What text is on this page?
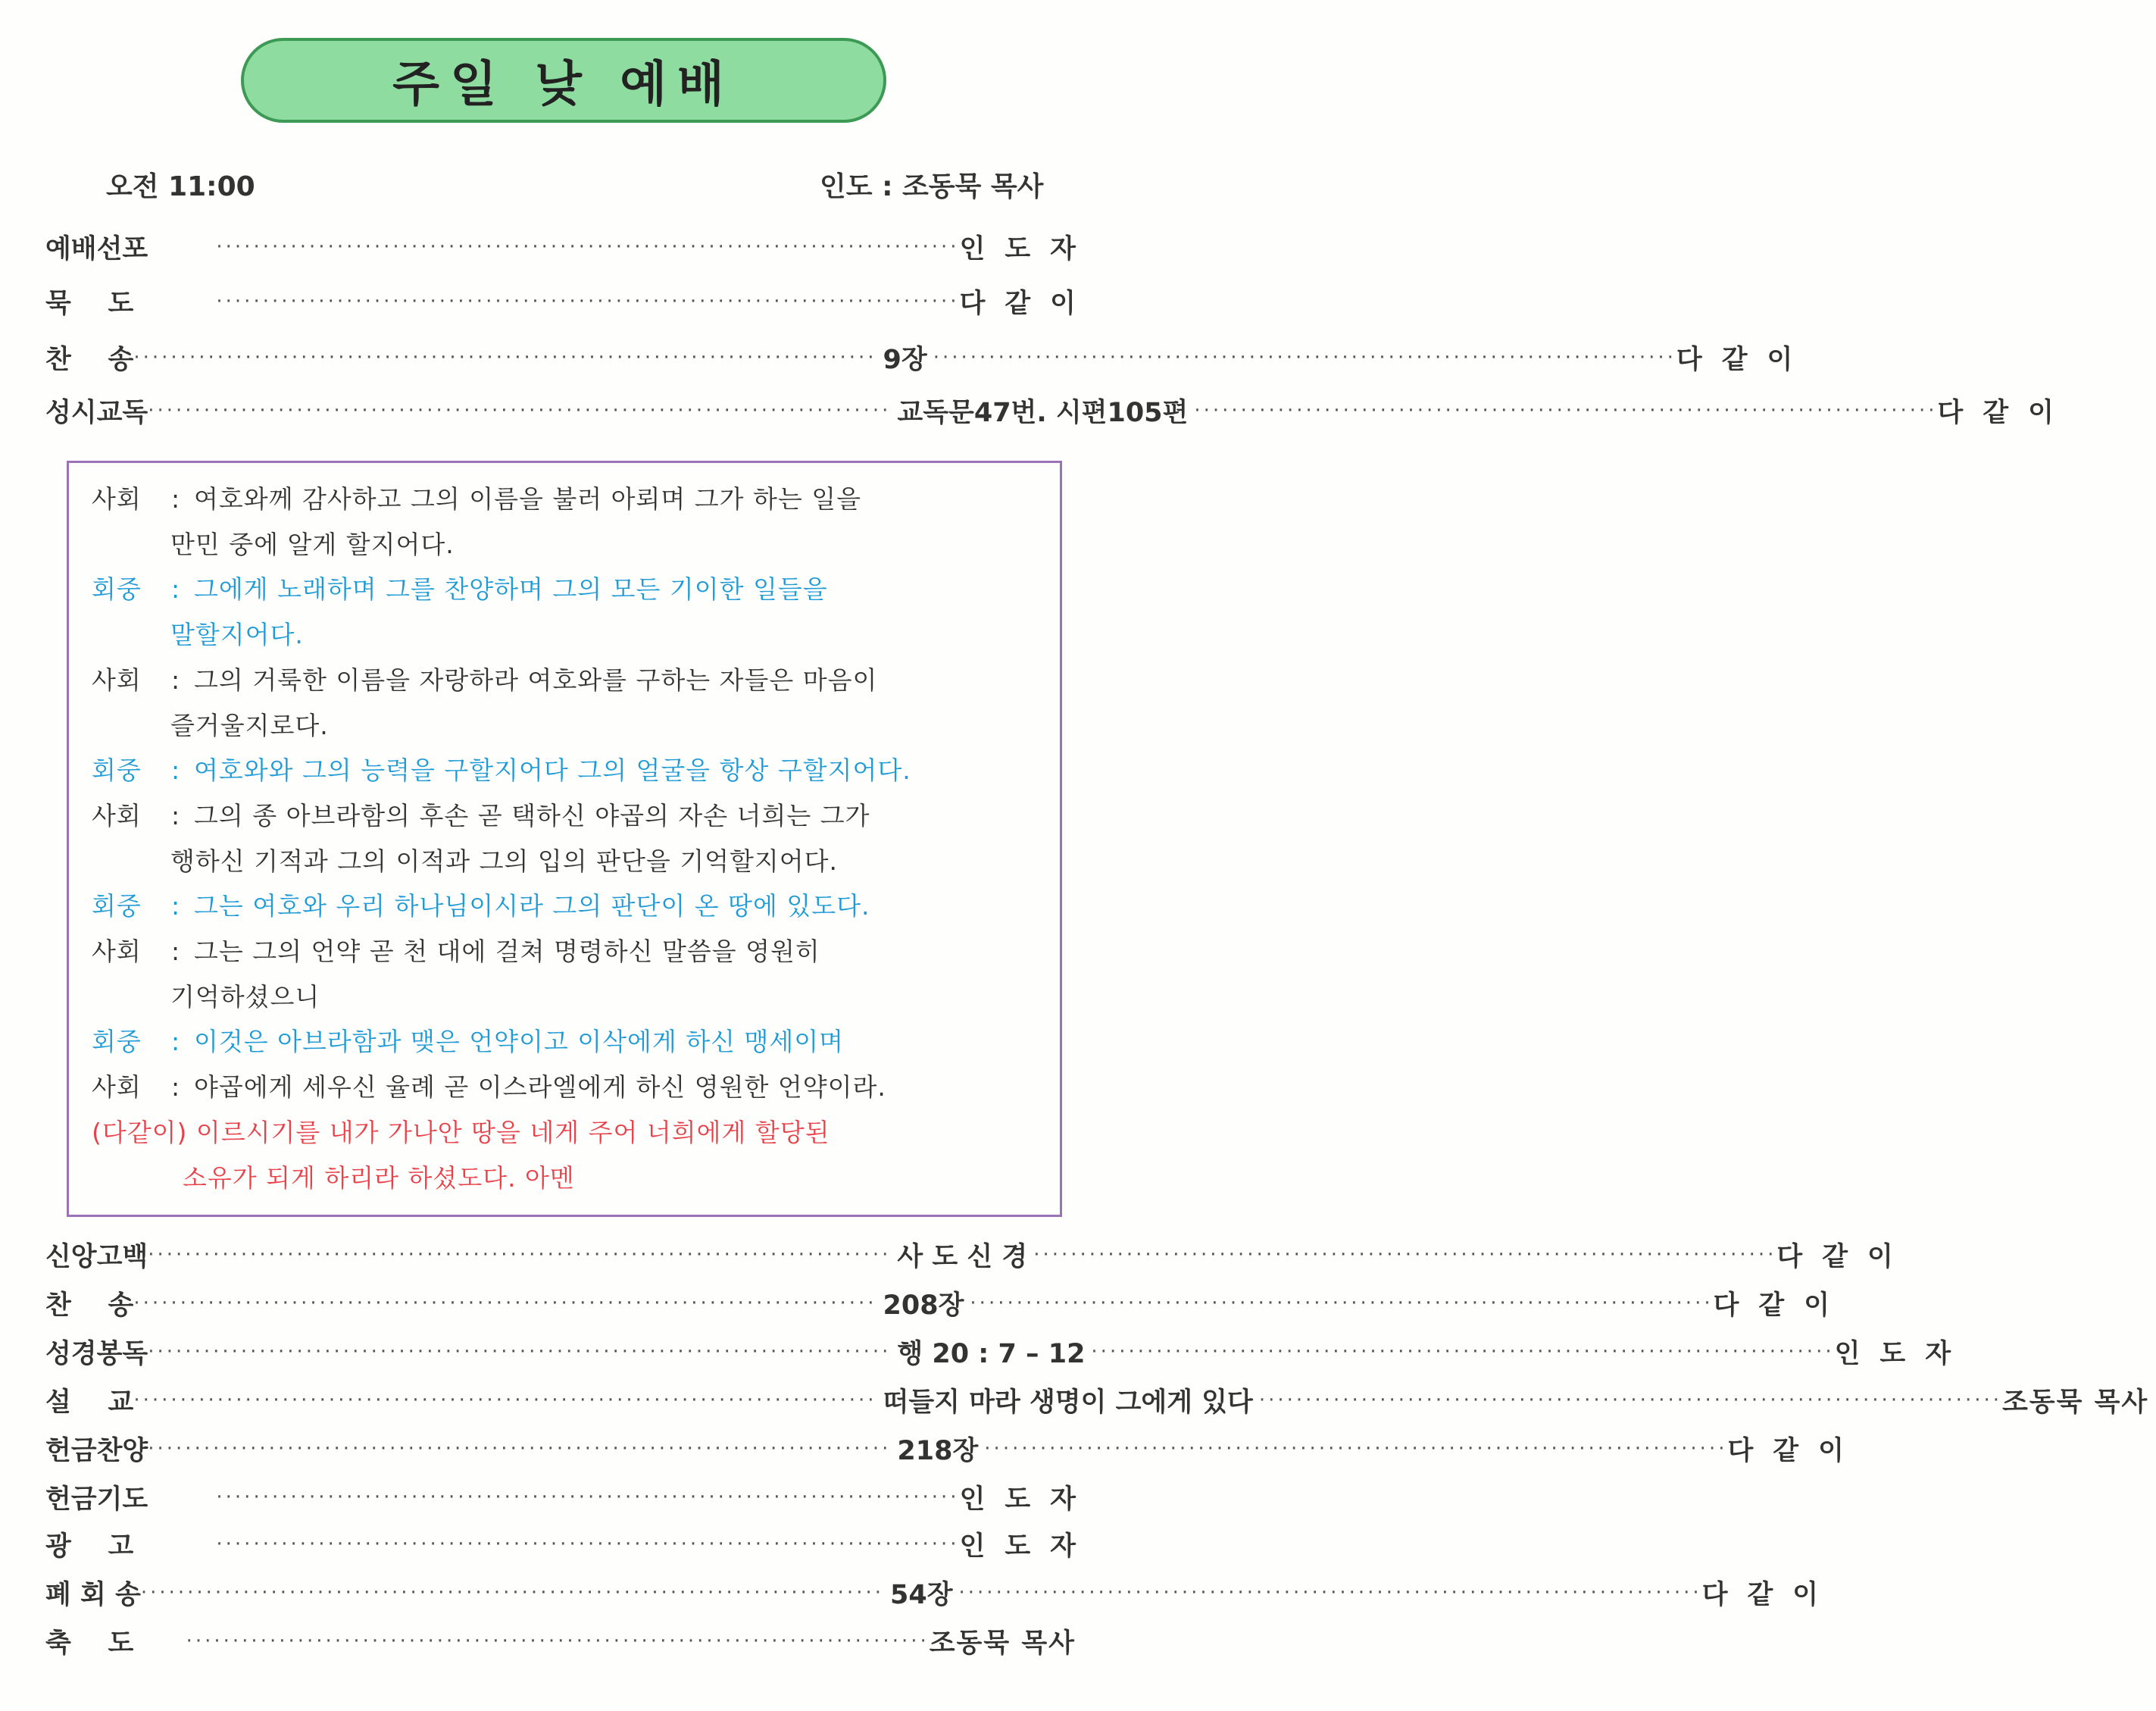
주일 낮 예배
오전 11:00	인도 : 조동묵 목사
예배선포	················································································ 인도자
묵    도	················································································ 다같이
찬    송 ················································································ 9장 ················································································ 다같이
성시교독 ················································································ 교독문47번. 시편105편 ················································································ 다같이
사회 : 여호와께 감사하고 그의 이름을 불러 아뢰며 그가 하는 일을
만민 중에 알게 할지어다.
회중 : 그에게 노래하며 그를 찬양하며 그의 모든 기이한 일들을
말할지어다.
사회 : 그의 거룩한 이름을 자랑하라 여호와를 구하는 자들은 마음이
즐거울지로다.
회중 : 여호와와 그의 능력을 구할지어다 그의 얼굴을 항상 구할지어다.
사회 : 그의 종 아브라함의 후손 곧 택하신 야곱의 자손 너희는 그가
행하신 기적과 그의 이적과 그의 입의 판단을 기억할지어다.
회중 : 그는 여호와 우리 하나님이시라 그의 판단이 온 땅에 있도다.
사회 : 그는 그의 언약 곧 천 대에 걸쳐 명령하신 말씀을 영원히
기억하셨으니
회중 : 이것은 아브라함과 맺은 언약이고 이삭에게 하신 맹세이며
사회 : 야곱에게 세우신 율례 곧 이스라엘에게 하신 영원한 언약이라.
(다같이) 이르시기를 내가 가나안 땅을 네게 주어 너희에게 할당된
소유가 되게 하리라 하셨도다. 아멘
신앙고백 ················································································ 사 도 신 경 ················································································ 다같이
찬    송 ················································································ 208장 ················································································ 다같이
성경봉독 ················································································ 행 20 : 7 – 12 ················································································ 인도자
설    교 ················································································ 떠들지 마라 생명이 그에게 있다 ················································································ 조동묵 목사
헌금찬양 ················································································ 218장 ················································································ 다같이
헌금기도	················································································ 인도자
광    고	················································································ 인도자
폐 회 송 ················································································ 54장 ················································································ 다같이
축    도	················································································ 조동묵 목사
